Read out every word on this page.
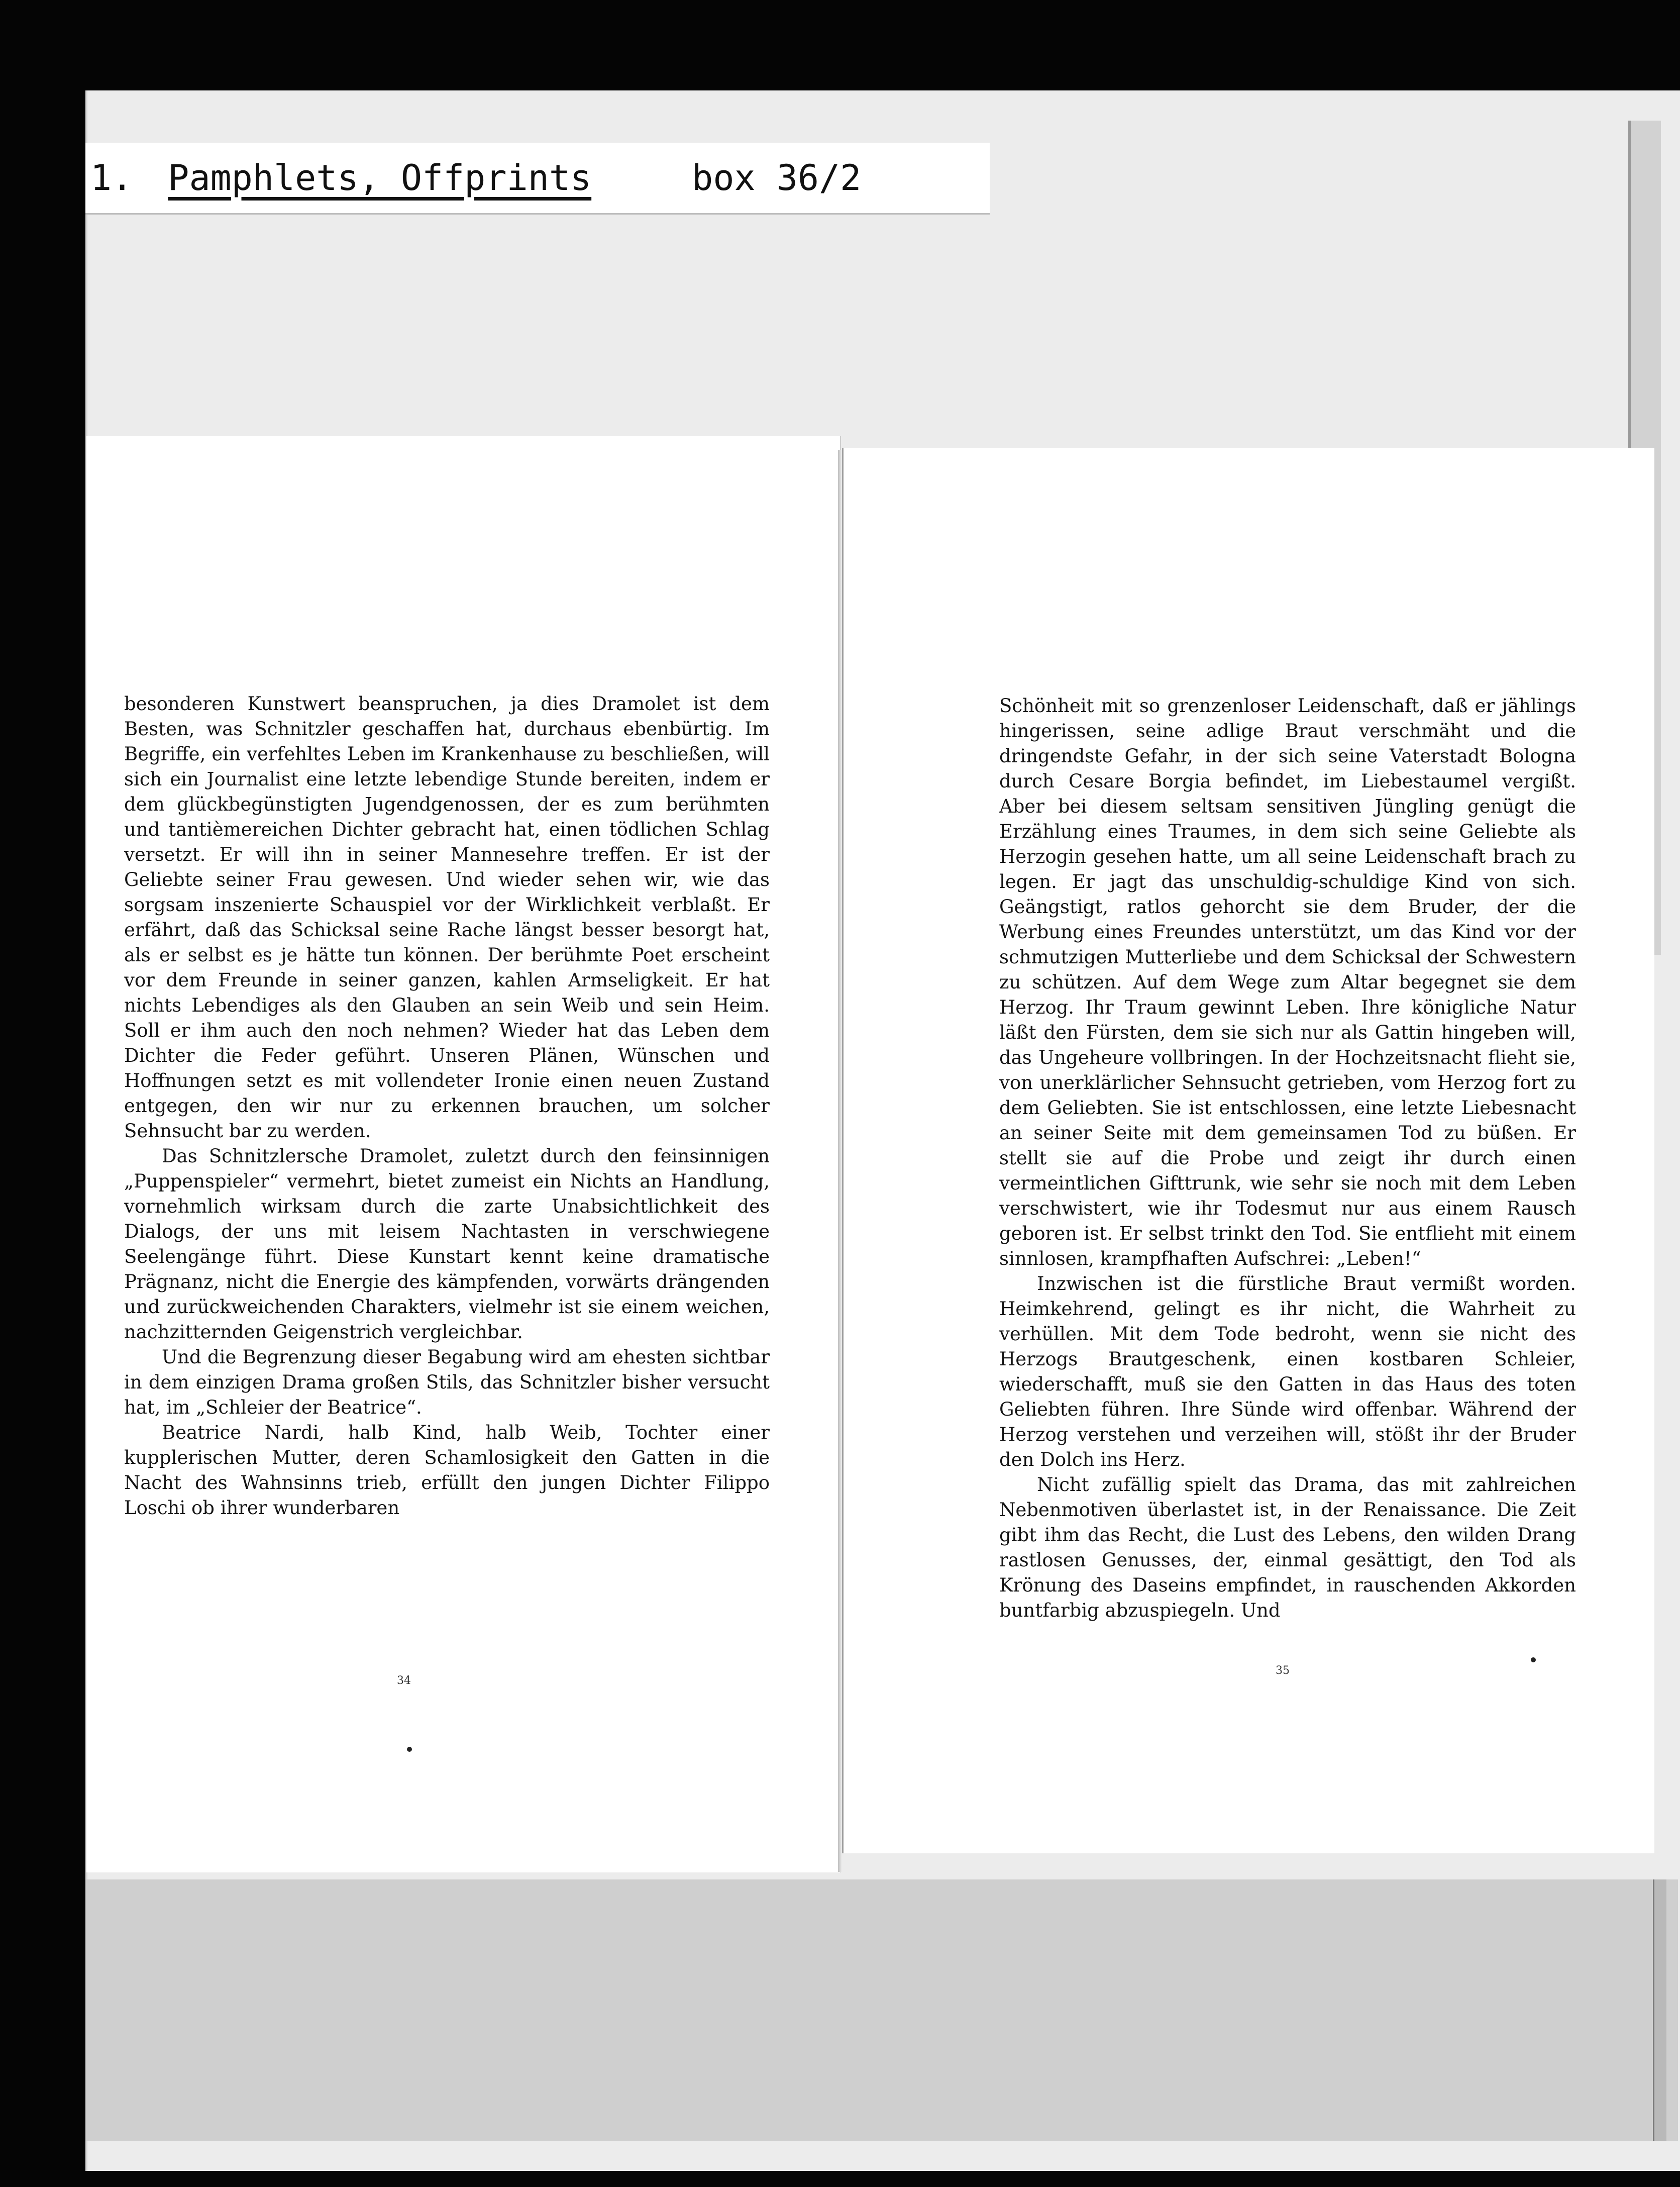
1. Pamphlets, Offprints	box 36/2

besonderen Kunstwert beanspruchen, ja dies Dramolet ist dem Besten, was Schnitzler geschaffen hat, durchaus ebenbürtig. Im Begriffe, ein verfehltes Leben im Krankenhause zu beschließen, will sich ein Journalist eine letzte lebendige Stunde bereiten, indem er dem glückbegünstigten Jugendgenossen, der es zum berühmten und tantièmereichen Dichter gebracht hat, einen tödlichen Schlag versetzt. Er will ihn in seiner Mannesehre treffen. Er ist der Geliebte seiner Frau gewesen. Und wieder sehen wir, wie das sorgsam inszenierte Schauspiel vor der Wirklichkeit verblaßt. Er erfährt, daß das Schicksal seine Rache längst besser besorgt hat, als er selbst es je hätte tun können. Der berühmte Poet erscheint vor dem Freunde in seiner ganzen, kahlen Armseligkeit. Er hat nichts Lebendiges als den Glauben an sein Weib und sein Heim. Soll er ihm auch den noch nehmen? Wieder hat das Leben dem Dichter die Feder geführt. Unseren Plänen, Wünschen und Hoffnungen setzt es mit vollendeter Ironie einen neuen Zustand entgegen, den wir nur zu erkennen brauchen, um solcher Sehnsucht bar zu werden.

Das Schnitzlersche Dramolet, zuletzt durch den feinsinnigen „Puppenspieler“ vermehrt, bietet zumeist ein Nichts an Handlung, vornehmlich wirksam durch die zarte Unabsichtlichkeit des Dialogs, der uns mit leisem Nachtasten in verschwiegene Seelengänge führt. Diese Kunstart kennt keine dramatische Prägnanz, nicht die Energie des kämpfenden, vorwärts drängenden und zurückweichenden Charakters, vielmehr ist sie einem weichen, nachzitternden Geigenstrich vergleichbar.

Und die Begrenzung dieser Begabung wird am ehesten sichtbar in dem einzigen Drama großen Stils, das Schnitzler bisher versucht hat, im „Schleier der Beatrice“.

Beatrice Nardi, halb Kind, halb Weib, Tochter einer kupplerischen Mutter, deren Schamlosigkeit den Gatten in die Nacht des Wahnsinns trieb, erfüllt den jungen Dichter Filippo Loschi ob ihrer wunderbaren

34

Schönheit mit so grenzenloser Leidenschaft, daß er jählings hingerissen, seine adlige Braut verschmäht und die dringendste Gefahr, in der sich seine Vaterstadt Bologna durch Cesare Borgia befindet, im Liebestaumel vergißt. Aber bei diesem seltsam sensitiven Jüngling genügt die Erzählung eines Traumes, in dem sich seine Geliebte als Herzogin gesehen hatte, um all seine Leidenschaft brach zu legen. Er jagt das unschuldig-schuldige Kind von sich. Geängstigt, ratlos gehorcht sie dem Bruder, der die Werbung eines Freundes unterstützt, um das Kind vor der schmutzigen Mutterliebe und dem Schicksal der Schwestern zu schützen. Auf dem Wege zum Altar begegnet sie dem Herzog. Ihr Traum gewinnt Leben. Ihre königliche Natur läßt den Fürsten, dem sie sich nur als Gattin hingeben will, das Ungeheure vollbringen. In der Hochzeitsnacht flieht sie, von unerklärlicher Sehnsucht getrieben, vom Herzog fort zu dem Geliebten. Sie ist entschlossen, eine letzte Liebesnacht an seiner Seite mit dem gemeinsamen Tod zu büßen. Er stellt sie auf die Probe und zeigt ihr durch einen vermeintlichen Gifttrunk, wie sehr sie noch mit dem Leben verschwistert, wie ihr Todesmut nur aus einem Rausch geboren ist. Er selbst trinkt den Tod. Sie entflieht mit einem sinnlosen, krampfhaften Aufschrei: „Leben!“

Inzwischen ist die fürstliche Braut vermißt worden. Heimkehrend, gelingt es ihr nicht, die Wahrheit zu verhüllen. Mit dem Tode bedroht, wenn sie nicht des Herzogs Brautgeschenk, einen kostbaren Schleier, wiederschafft, muß sie den Gatten in das Haus des toten Geliebten führen. Ihre Sünde wird offenbar. Während der Herzog verstehen und verzeihen will, stößt ihr der Bruder den Dolch ins Herz.

Nicht zufällig spielt das Drama, das mit zahlreichen Nebenmotiven überlastet ist, in der Renaissance. Die Zeit gibt ihm das Recht, die Lust des Lebens, den wilden Drang rastlosen Genusses, der, einmal gesättigt, den Tod als Krönung des Daseins empfindet, in rauschenden Akkorden buntfarbig abzuspiegeln. Und

35
